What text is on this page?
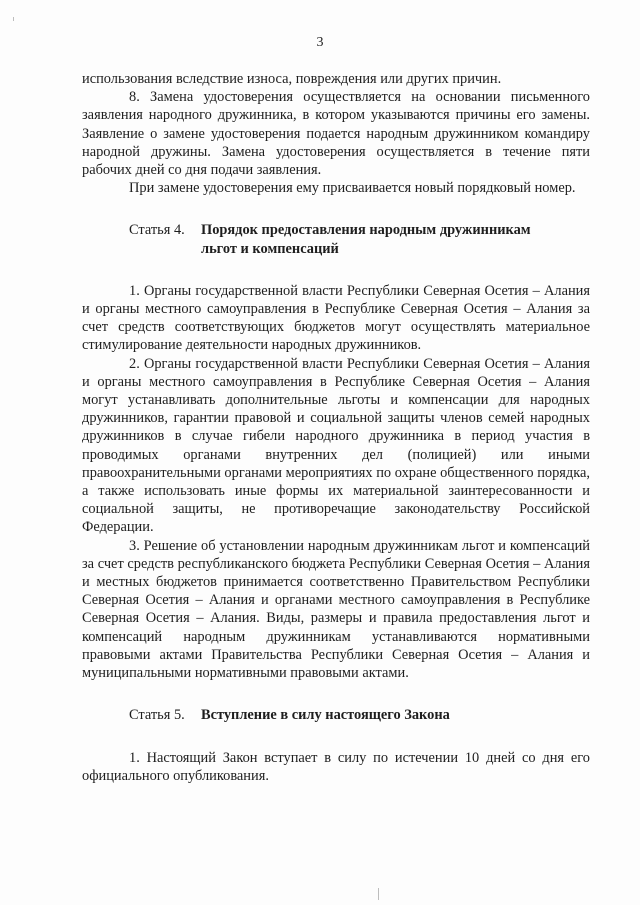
3

использования вследствие износа, повреждения или других причин.

8. Замена удостоверения осуществляется на основании письменного заявления народного дружинника, в котором указываются причины его замены. Заявление о замене удостоверения подается народным дружинником командиру народной дружины. Замена удостоверения осуществляется в течение пяти рабочих дней со дня подачи заявления.

При замене удостоверения ему присваивается новый порядковый номер.

Статья 4. Порядок предоставления народным дружинникам
льгот и компенсаций

1. Органы государственной власти Республики Северная Осетия – Алания и органы местного самоуправления в Республике Северная Осетия – Алания за счет средств соответствующих бюджетов могут осуществлять материальное стимулирование деятельности народных дружинников.

2. Органы государственной власти Республики Северная Осетия – Алания и органы местного самоуправления в Республике Северная Осетия – Алания могут устанавливать дополнительные льготы и компенсации для народных дружинников, гарантии правовой и социальной защиты членов семей народных дружинников в случае гибели народного дружинника в период участия в проводимых органами внутренних дел (полицией) или иными правоохранительными органами мероприятиях по охране общественного порядка, а также использовать иные формы их материальной заинтересованности и социальной защиты, не противоречащие законодательству Российской Федерации.

3. Решение об установлении народным дружинникам льгот и компенсаций за счет средств республиканского бюджета Республики Северная Осетия – Алания и местных бюджетов принимается соответственно Правительством Республики Северная Осетия – Алания и органами местного самоуправления в Республике Северная Осетия – Алания. Виды, размеры и правила предоставления льгот и компенсаций народным дружинникам устанавливаются нормативными правовыми актами Правительства Республики Северная Осетия – Алания и муниципальными нормативными правовыми актами.

Статья 5. Вступление в силу настоящего Закона

1. Настоящий Закон вступает в силу по истечении 10 дней со дня его официального опубликования.
